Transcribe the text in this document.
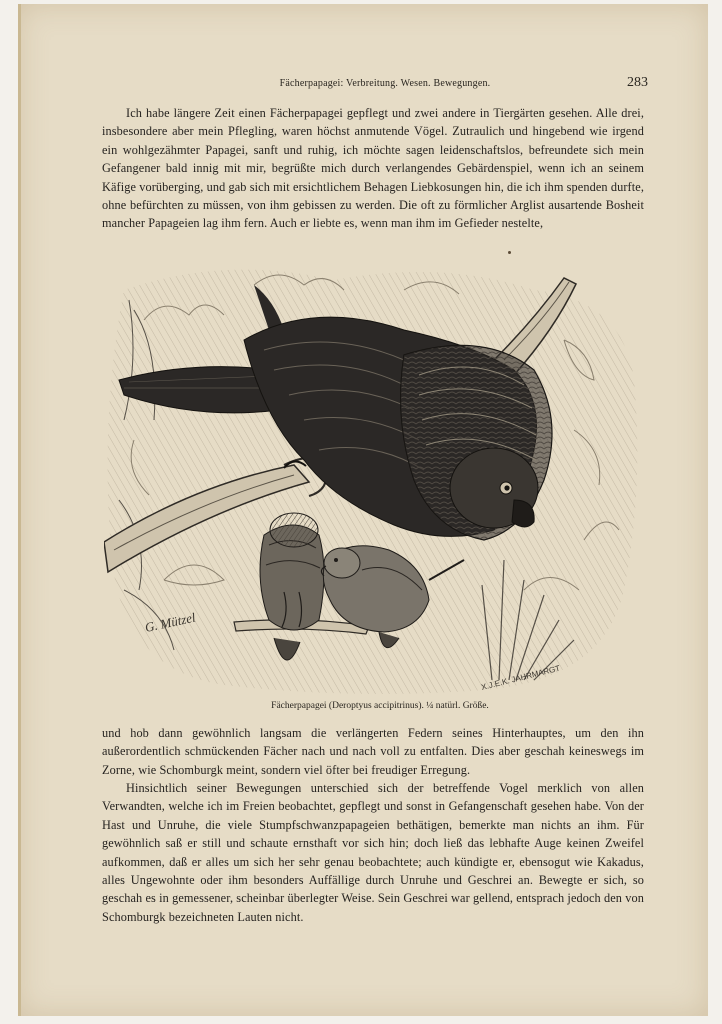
Fächerpapagei: Verbreitung. Wesen. Bewegungen.	283
Ich habe längere Zeit einen Fächerpapagei gepflegt und zwei andere in Tiergärten gesehen. Alle drei, insbesondere aber mein Pflegling, waren höchst anmutende Vögel. Zutraulich und hingebend wie irgend ein wohlgezähmter Papagei, sanft und ruhig, ich möchte sagen leidenschaftslos, befreundete sich mein Gefangener bald innig mit mir, begrüßte mich durch verlangendes Gebärdenspiel, wenn ich an seinem Käfige vorüberging, und gab sich mit ersichtlichem Behagen Liebkosungen hin, die ich ihm spenden durfte, ohne befürchten zu müssen, von ihm gebissen zu werden. Die oft zu förmlicher Arglist ausartende Bosheit mancher Papageien lag ihm fern. Auch er liebte es, wenn man ihm im Gefieder nestelte,
G. Mützel
X.J.E.K. JAHRMARGT
Fächerpapagei (Deroptyus accipitrinus). ¼ natürl. Größe.
und hob dann gewöhnlich langsam die verlängerten Federn seines Hinterhauptes, um den ihn außerordentlich schmückenden Fächer nach und nach voll zu entfalten. Dies aber geschah keineswegs im Zorne, wie Schomburgk meint, sondern viel öfter bei freudiger Erregung.
Hinsichtlich seiner Bewegungen unterschied sich der betreffende Vogel merklich von allen Verwandten, welche ich im Freien beobachtet, gepflegt und sonst in Gefangenschaft gesehen habe. Von der Hast und Unruhe, die viele Stumpfschwanzpapageien bethätigen, bemerkte man nichts an ihm. Für gewöhnlich saß er still und schaute ernsthaft vor sich hin; doch ließ das lebhafte Auge keinen Zweifel aufkommen, daß er alles um sich her sehr genau beobachtete; auch kündigte er, ebensogut wie Kakadus, alles Ungewohnte oder ihm besonders Auffällige durch Unruhe und Geschrei an. Bewegte er sich, so geschah es in gemessener, scheinbar überlegter Weise. Sein Geschrei war gellend, entsprach jedoch den von Schomburgk bezeichneten Lauten nicht.
